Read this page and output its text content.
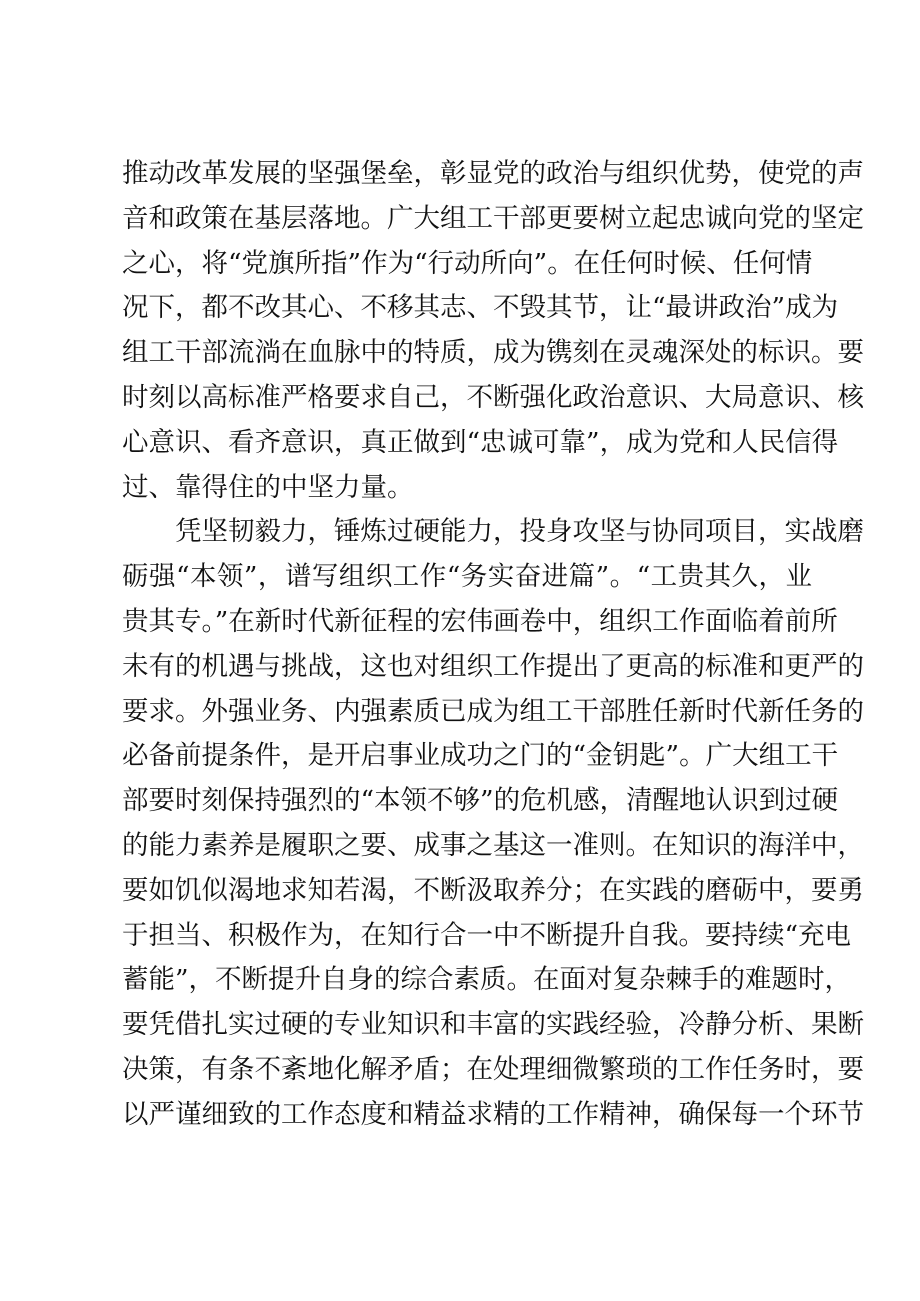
推动改革发展的坚强堡垒，彰显党的政治与组织优势，使党的声
音和政策在基层落地。广大组工干部更要树立起忠诚向党的坚定
之心，将“党旗所指”作为“行动所向”。在任何时候、任何情
况下，都不改其心、不移其志、不毁其节，让“最讲政治”成为
组工干部流淌在血脉中的特质，成为镌刻在灵魂深处的标识。要
时刻以高标准严格要求自己，不断强化政治意识、大局意识、核
心意识、看齐意识，真正做到“忠诚可靠”，成为党和人民信得
过、靠得住的中坚力量。
凭坚韧毅力，锤炼过硬能力，投身攻坚与协同项目，实战磨
砺强“本领”，谱写组织工作“务实奋进篇”。“工贵其久，业
贵其专。”在新时代新征程的宏伟画卷中，组织工作面临着前所
未有的机遇与挑战，这也对组织工作提出了更高的标准和更严的
要求。外强业务、内强素质已成为组工干部胜任新时代新任务的
必备前提条件，是开启事业成功之门的“金钥匙”。广大组工干
部要时刻保持强烈的“本领不够”的危机感，清醒地认识到过硬
的能力素养是履职之要、成事之基这一准则。在知识的海洋中，
要如饥似渴地求知若渴，不断汲取养分；在实践的磨砺中，要勇
于担当、积极作为，在知行合一中不断提升自我。要持续“充电
蓄能”，不断提升自身的综合素质。在面对复杂棘手的难题时，
要凭借扎实过硬的专业知识和丰富的实践经验，冷静分析、果断
决策，有条不紊地化解矛盾；在处理细微繁琐的工作任务时，要
以严谨细致的工作态度和精益求精的工作精神，确保每一个环节
